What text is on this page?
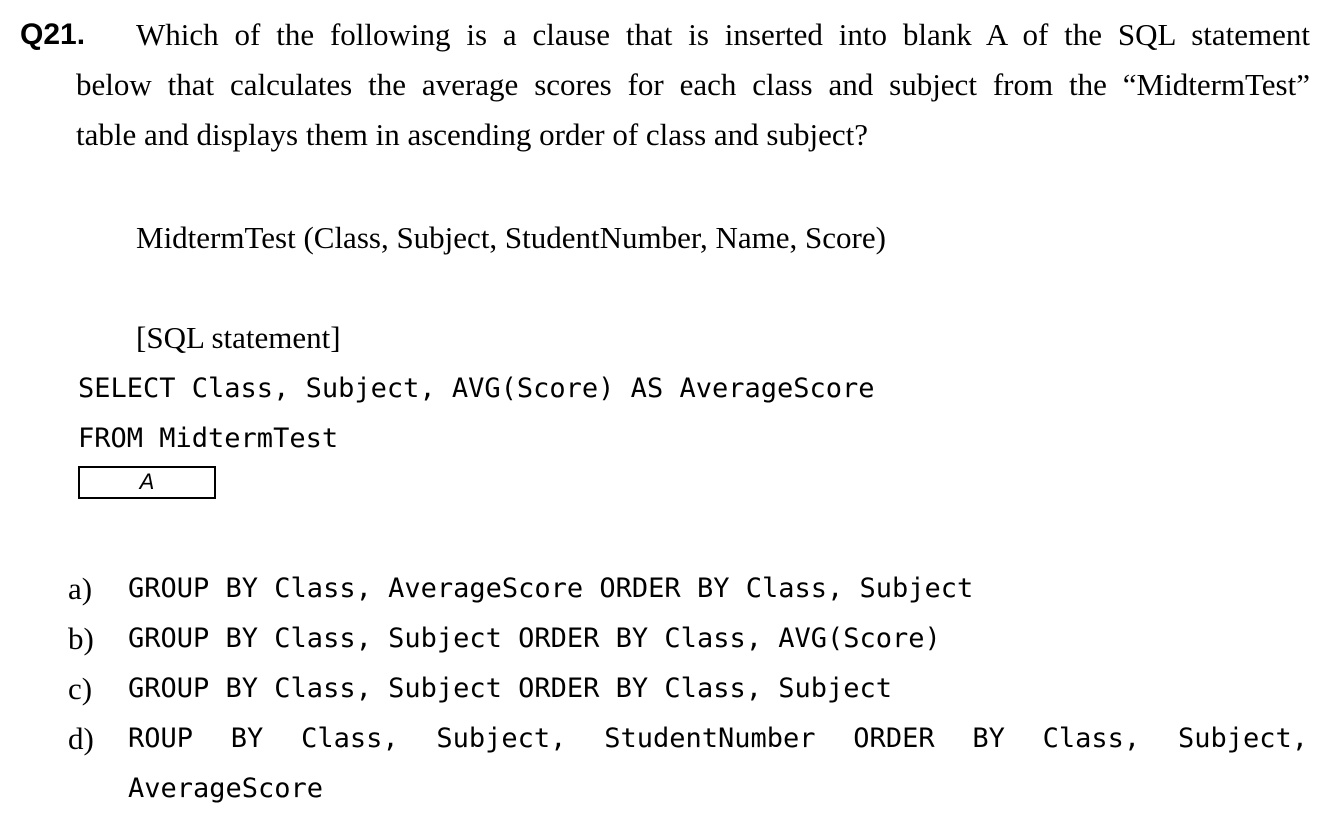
Q21. Which of the following is a clause that is inserted into blank A of the SQL statement
below that calculates the average scores for each class and subject from the “MidtermTest”
table and displays them in ascending order of class and subject?
MidtermTest (Class, Subject, StudentNumber, Name, Score)
[SQL statement]
SELECT Class, Subject, AVG(Score) AS AverageScore
FROM MidtermTest
A
a) GROUP BY Class, AverageScore ORDER BY Class, Subject
b) GROUP BY Class, Subject ORDER BY Class, AVG(Score)
c) GROUP BY Class, Subject ORDER BY Class, Subject
d) ROUP BY Class, Subject, StudentNumber ORDER BY Class, Subject,
AverageScore
